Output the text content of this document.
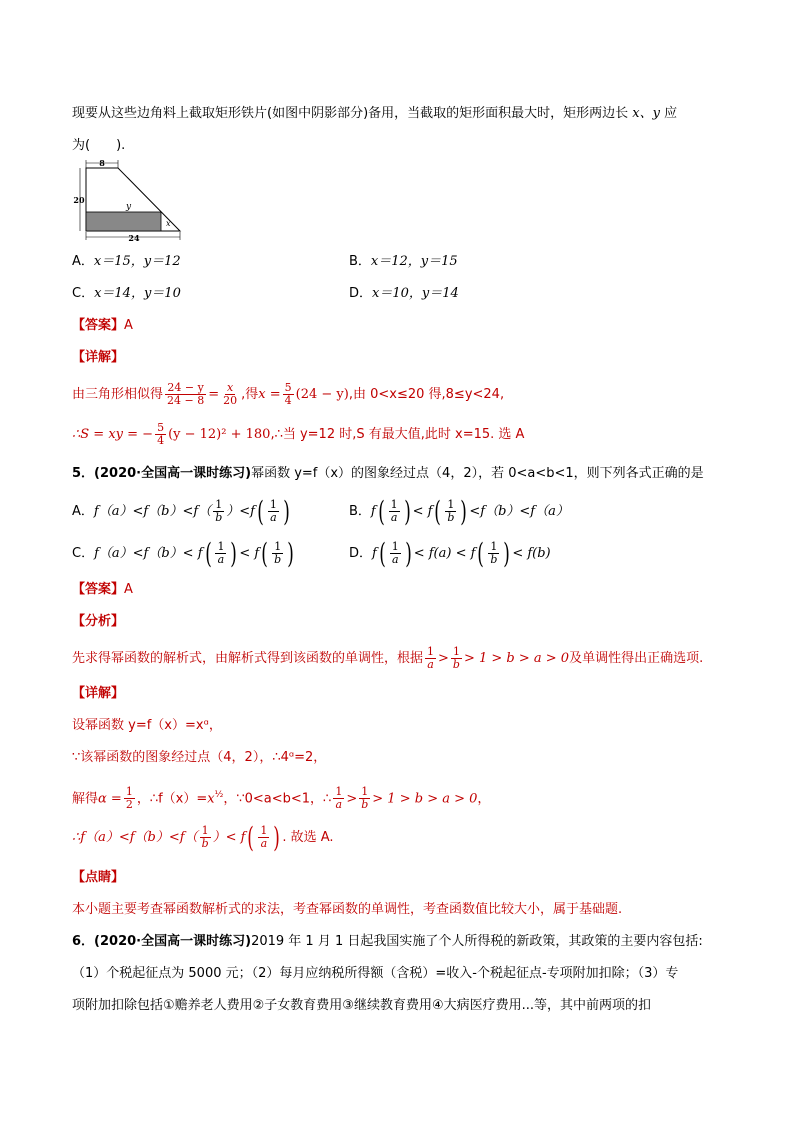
现要从这些边角料上截取矩形铁片(如图中阴影部分)备用，当截取的矩形面积最大时，矩形两边长 x、y 应
为( ).
8
20
24
y
x
A．x＝15，y＝12	B．x＝12，y＝15
C．x＝14，y＝10	D．x＝10，y＝14
【答案】A
【详解】
由三角形相似得 $\frac{24 - y}{24 - 8} = \frac{x}{20}$ ,得$x = \frac{5}{4} (24 - y)$,由 0<x≤20 得,8≤y<24,
∴S = xy = − $\frac{5}{4} (y - 12)^2$ + 180,∴当 y=12 时,S 有最大值,此时 x=15. 选 A
5．(2020·全国高一课时练习)幂函数 y=f（x）的图象经过点（4，2），若 0<a<b<1，则下列各式正确的是
A．$f(a)<f(b)<f( \frac{1}{b} )<f( \frac{1}{a}$ )	B．$f( \frac{1}{a}$ ) < $f( \frac{1}{b}$ ) <f（b）<f（a）
C．$f(a)<f(b)< f( \frac{1}{a}$ ) < $f( \frac{1}{b}$ )	D．$f( \frac{1}{a}$ ) < $f(a) < f( \frac{1}{b}$ ) < f(b)
【答案】A
【分析】
先求得幂函数的解析式，由解析式得到该函数的单调性，根据 $\frac{1}{a} > \frac{1}{b} > 1 > b > a > 0$及单调性得出正确选项.
【详解】
设幂函数 y=f（x）=xᵅ，
∵该幂函数的图象经过点（4，2），∴4ᵅ=2，
解得$\alpha = \frac{1}{2}$ ，$\therefore f(x)=x^{\frac{1}{2}}$，∵0<a<b<1，∴ $\frac{1}{a} > \frac{1}{b} > 1 > b > a > 0$，
∴f（a）<f（b）<f（ $\frac{1}{b}$ ）< $f( \frac{1}{a}$ ) . 故选 A.
【点睛】
本小题主要考查幂函数解析式的求法，考查幂函数的单调性，考查函数值比较大小，属于基础题.
6．(2020·全国高一课时练习)2019 年 1 月 1 日起我国实施了个人所得税的新政策，其政策的主要内容包括:
（1）个税起征点为 5000 元；（2）每月应纳税所得额（含税）=收入-个税起征点-专项附加扣除；（3）专
项附加扣除包括①赡养老人费用②子女教育费用③继续教育费用④大病医疗费用...等，其中前两项的扣
